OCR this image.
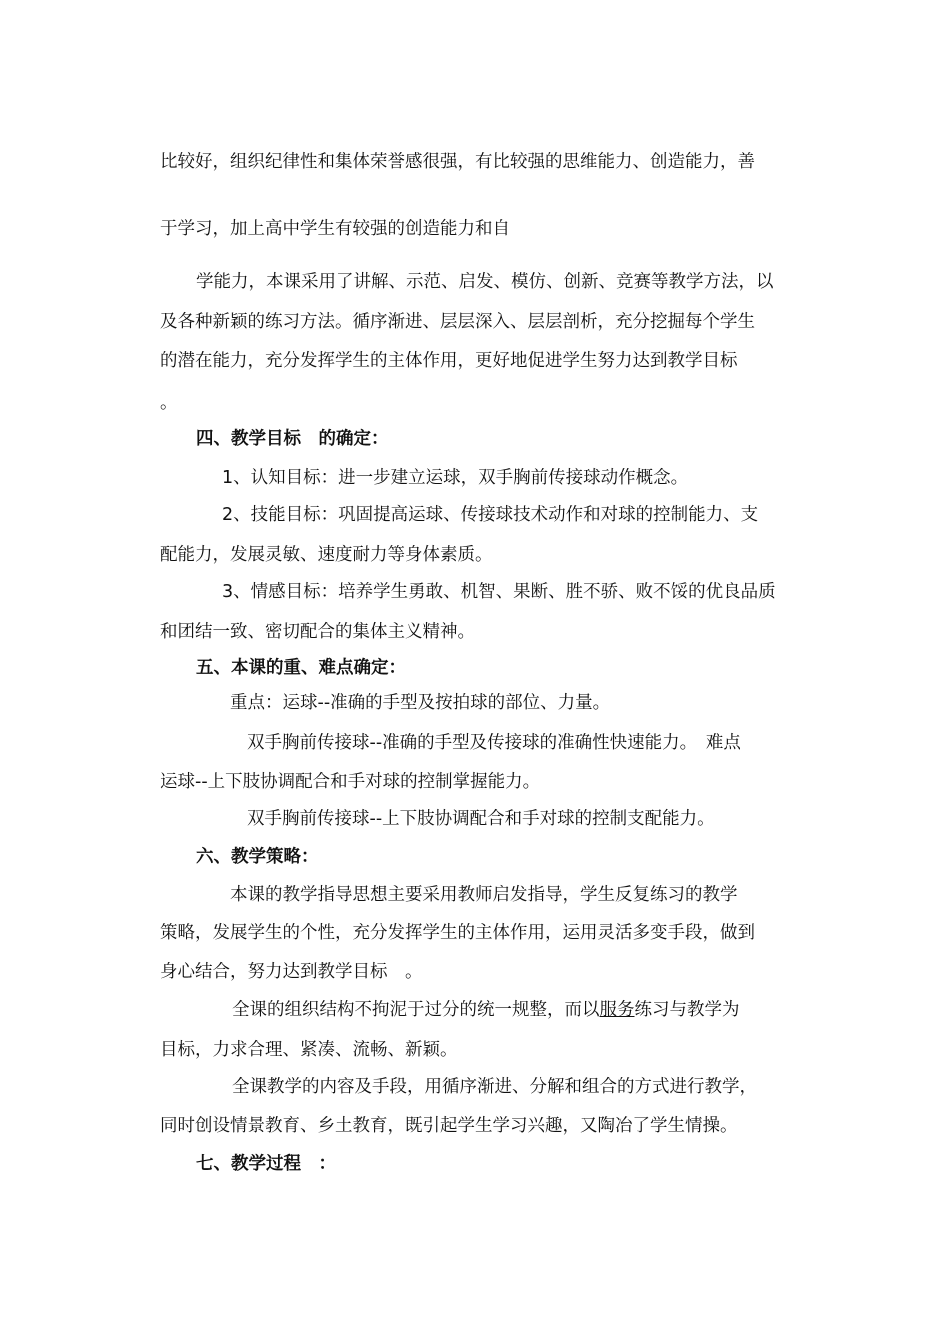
比较好，组织纪律性和集体荣誉感很强，有比较强的思维能力、创造能力，善
于学习，加上高中学生有较强的创造能力和自
学能力，本课采用了讲解、示范、启发、模仿、创新、竞赛等教学方法，以
及各种新颖的练习方法。循序渐进、层层深入、层层剖析，充分挖掘每个学生
的潜在能力，充分发挥学生的主体作用，更好地促进学生努力达到教学目标
。
四、教学目标　的确定：
1、认知目标：进一步建立运球，双手胸前传接球动作概念。
2、技能目标：巩固提高运球、传接球技术动作和对球的控制能力、支
配能力，发展灵敏、速度耐力等身体素质。
3、情感目标：培养学生勇敢、机智、果断、胜不骄、败不馁的优良品质
和团结一致、密切配合的集体主义精神。
五、本课的重、难点确定：
重点：运球--准确的手型及按拍球的部位、力量。
双手胸前传接球--准确的手型及传接球的准确性快速能力。　难点
运球--上下肢协调配合和手对球的控制掌握能力。
双手胸前传接球--上下肢协调配合和手对球的控制支配能力。
六、教学策略：
本课的教学指导思想主要采用教师启发指导，学生反复练习的教学
策略，发展学生的个性，充分发挥学生的主体作用，运用灵活多变手段，做到
身心结合，努力达到教学目标　。
全课的组织结构不拘泥于过分的统一规整，而以服务练习与教学为
目标，力求合理、紧凑、流畅、新颖。
全课教学的内容及手段，用循序渐进、分解和组合的方式进行教学，
同时创设情景教育、乡土教育，既引起学生学习兴趣，又陶冶了学生情操。
七、教学过程　：
